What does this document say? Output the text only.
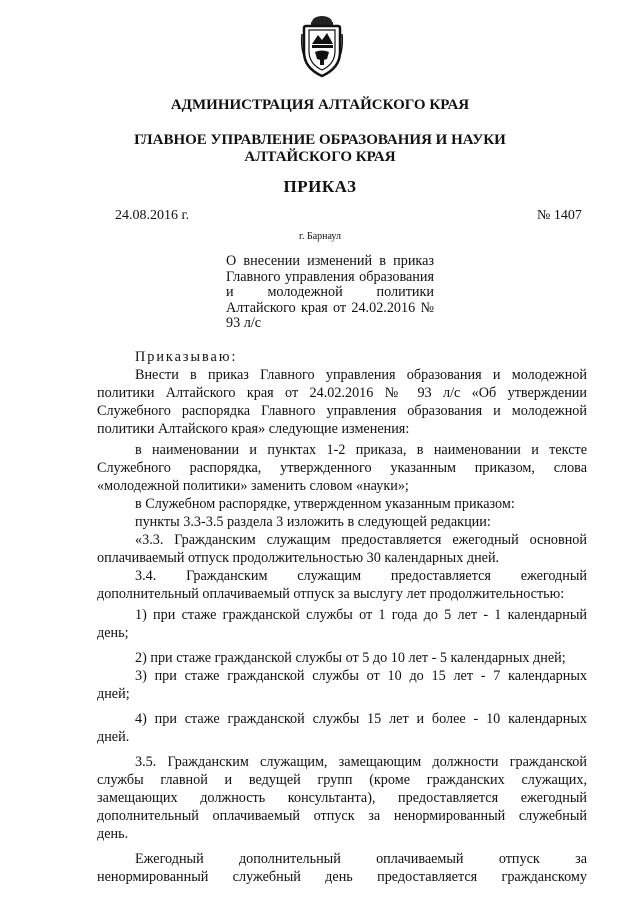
АДМИНИСТРАЦИЯ АЛТАЙСКОГО КРАЯ
ГЛАВНОЕ УПРАВЛЕНИЕ ОБРАЗОВАНИЯ И НАУКИ
АЛТАЙСКОГО КРАЯ
ПРИКАЗ
24.08.2016 г.	№ 1407
г. Барнаул
О внесении изменений в приказ Главного управления образования и молодежной политики Алтайского края от 24.02.2016 № 93 л/с
Приказываю:
Внести в приказ Главного управления образования и молодежной
политики Алтайского края от 24.02.2016 № 93 л/с «Об утверждении
Служебного распорядка Главного управления образования и молодежной
политики Алтайского края» следующие изменения:
в наименовании и пунктах 1-2 приказа, в наименовании и тексте
Служебного распорядка, утвержденного указанным приказом, слова
«молодежной политики» заменить словом «науки»;
в Служебном распорядке, утвержденном указанным приказом:
пункты 3.3-3.5 раздела 3 изложить в следующей редакции:
«3.3. Гражданским служащим предоставляется ежегодный основной
оплачиваемый отпуск продолжительностью 30 календарных дней.
3.4. Гражданским служащим предоставляется ежегодный
дополнительный оплачиваемый отпуск за выслугу лет продолжительностью:
1) при стаже гражданской службы от 1 года до 5 лет - 1 календарный
день;
2) при стаже гражданской службы от 5 до 10 лет - 5 календарных дней;
3) при стаже гражданской службы от 10 до 15 лет - 7 календарных
дней;
4) при стаже гражданской службы 15 лет и более - 10 календарных
дней.
3.5. Гражданским служащим, замещающим должности гражданской
службы главной и ведущей групп (кроме гражданских служащих,
замещающих должность консультанта), предоставляется ежегодный
дополнительный оплачиваемый отпуск за ненормированный служебный
день.
Ежегодный дополнительный оплачиваемый отпуск за
ненормированный служебный день предоставляется гражданскому
